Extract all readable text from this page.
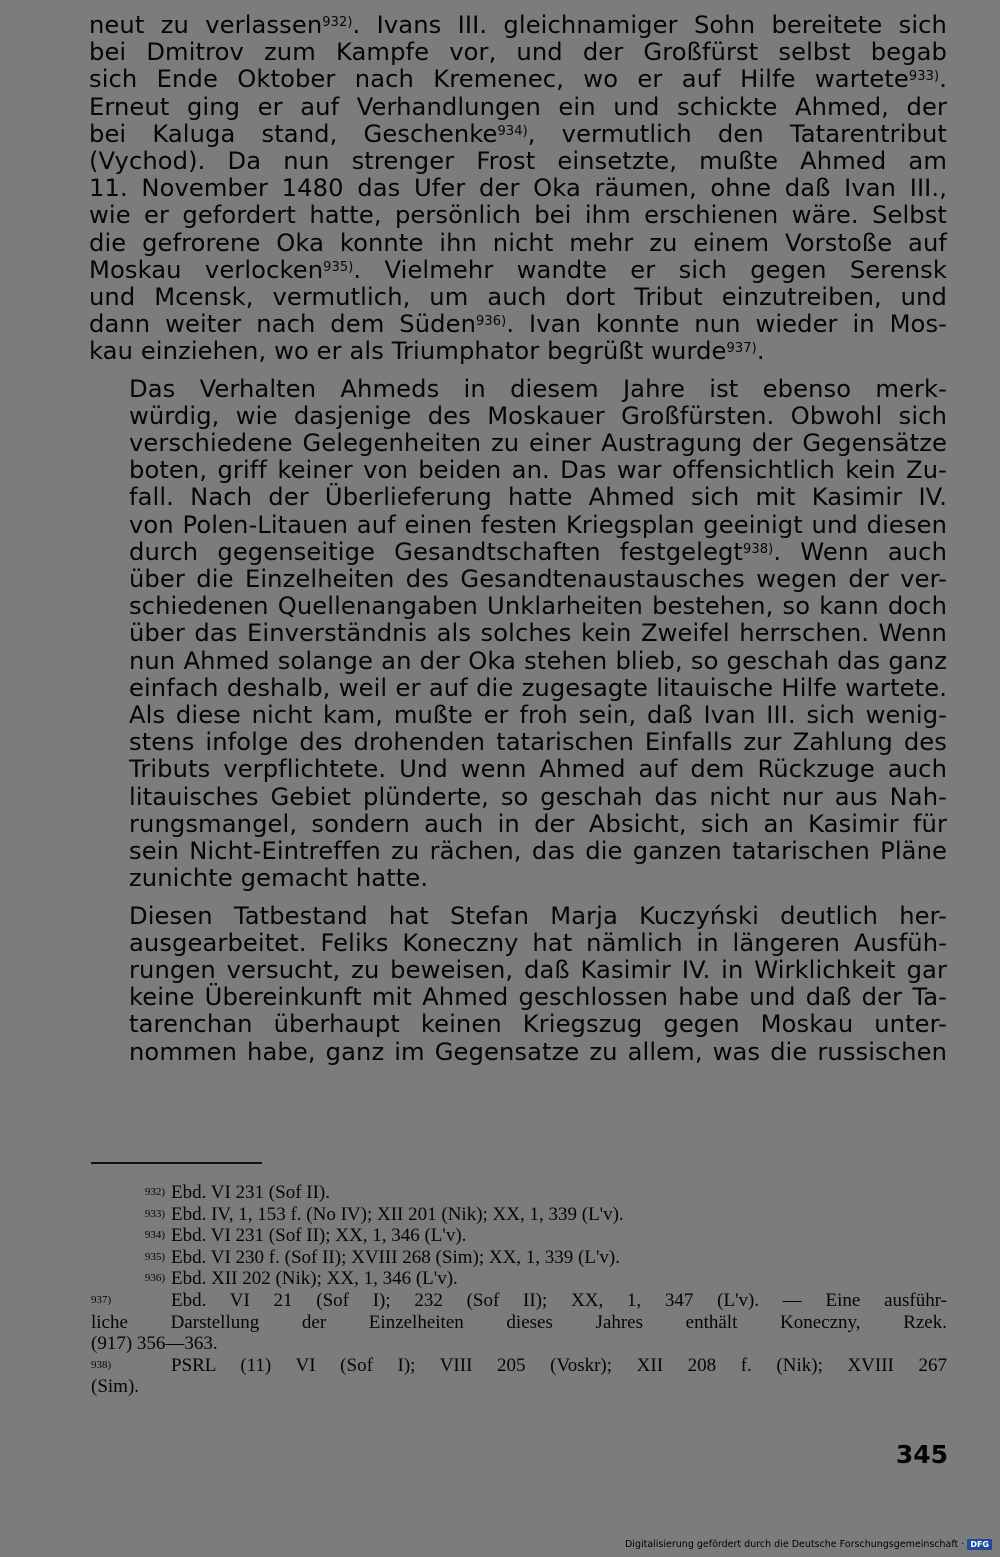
neut zu verlassen$^{932)}$. Ivans III. gleichnamiger Sohn bereitete sich
bei Dmitrov zum Kampfe vor, und der Großfürst selbst begab
sich Ende Oktober nach Kremenec, wo er auf Hilfe wartete$^{933)}$.
Erneut ging er auf Verhandlungen ein und schickte Ahmed, der
bei Kaluga stand, Geschenke$^{934)}$, vermutlich den Tatarentribut
(Vychod). Da nun strenger Frost einsetzte, mußte Ahmed am
11. November 1480 das Ufer der Oka räumen, ohne daß Ivan III.,
wie er gefordert hatte, persönlich bei ihm erschienen wäre. Selbst
die gefrorene Oka konnte ihn nicht mehr zu einem Vorstoße auf
Moskau verlocken$^{935)}$. Vielmehr wandte er sich gegen Serensk
und Mcensk, vermutlich, um auch dort Tribut einzutreiben, und
dann weiter nach dem Süden$^{936)}$. Ivan konnte nun wieder in Mos-
kau einziehen, wo er als Triumphator begrüßt wurde$^{937)}$.
Das Verhalten Ahmeds in diesem Jahre ist ebenso merk-
würdig, wie dasjenige des Moskauer Großfürsten. Obwohl sich
verschiedene Gelegenheiten zu einer Austragung der Gegensätze
boten, griff keiner von beiden an. Das war offensichtlich kein Zu-
fall. Nach der Überlieferung hatte Ahmed sich mit Kasimir IV.
von Polen-Litauen auf einen festen Kriegsplan geeinigt und diesen
durch gegenseitige Gesandtschaften festgelegt$^{938)}$. Wenn auch
über die Einzelheiten des Gesandtenaustausches wegen der ver-
schiedenen Quellenangaben Unklarheiten bestehen, so kann doch
über das Einverständnis als solches kein Zweifel herrschen. Wenn
nun Ahmed solange an der Oka stehen blieb, so geschah das ganz
einfach deshalb, weil er auf die zugesagte litauische Hilfe wartete.
Als diese nicht kam, mußte er froh sein, daß Ivan III. sich wenig-
stens infolge des drohenden tatarischen Einfalls zur Zahlung des
Tributs verpflichtete. Und wenn Ahmed auf dem Rückzuge auch
litauisches Gebiet plünderte, so geschah das nicht nur aus Nah-
rungsmangel, sondern auch in der Absicht, sich an Kasimir für
sein Nicht-Eintreffen zu rächen, das die ganzen tatarischen Pläne
zunichte gemacht hatte.
Diesen Tatbestand hat Stefan Marja Kuczyński deutlich her-
ausgearbeitet. Feliks Koneczny hat nämlich in längeren Ausfüh-
rungen versucht, zu beweisen, daß Kasimir IV. in Wirklichkeit gar
keine Übereinkunft mit Ahmed geschlossen habe und daß der Ta-
tarenchan überhaupt keinen Kriegszug gegen Moskau unter-
nommen habe, ganz im Gegensatze zu allem, was die russischen
932) Ebd. VI 231 (Sof II).
933) Ebd. IV, 1, 153 f. (No IV); XII 201 (Nik); XX, 1, 339 (L'v).
934) Ebd. VI 231 (Sof II); XX, 1, 346 (L'v).
935) Ebd. VI 230 f. (Sof II); XVIII 268 (Sim); XX, 1, 339 (L'v).
936) Ebd. XII 202 (Nik); XX, 1, 346 (L'v).
937)	Ebd. VI 21 (Sof I); 232 (Sof II); XX, 1, 347 (L'v). — Eine ausführ-
liche Darstellung der Einzelheiten dieses Jahres enthält Koneczny, Rzek.
(917) 356—363.
938)	PSRL (11) VI (Sof I); VIII 205 (Voskr); XII 208 f. (Nik); XVIII 267
(Sim).
345
Digitalisierung gefördert durch die Deutsche Forschungsgemeinschaft · DFG
